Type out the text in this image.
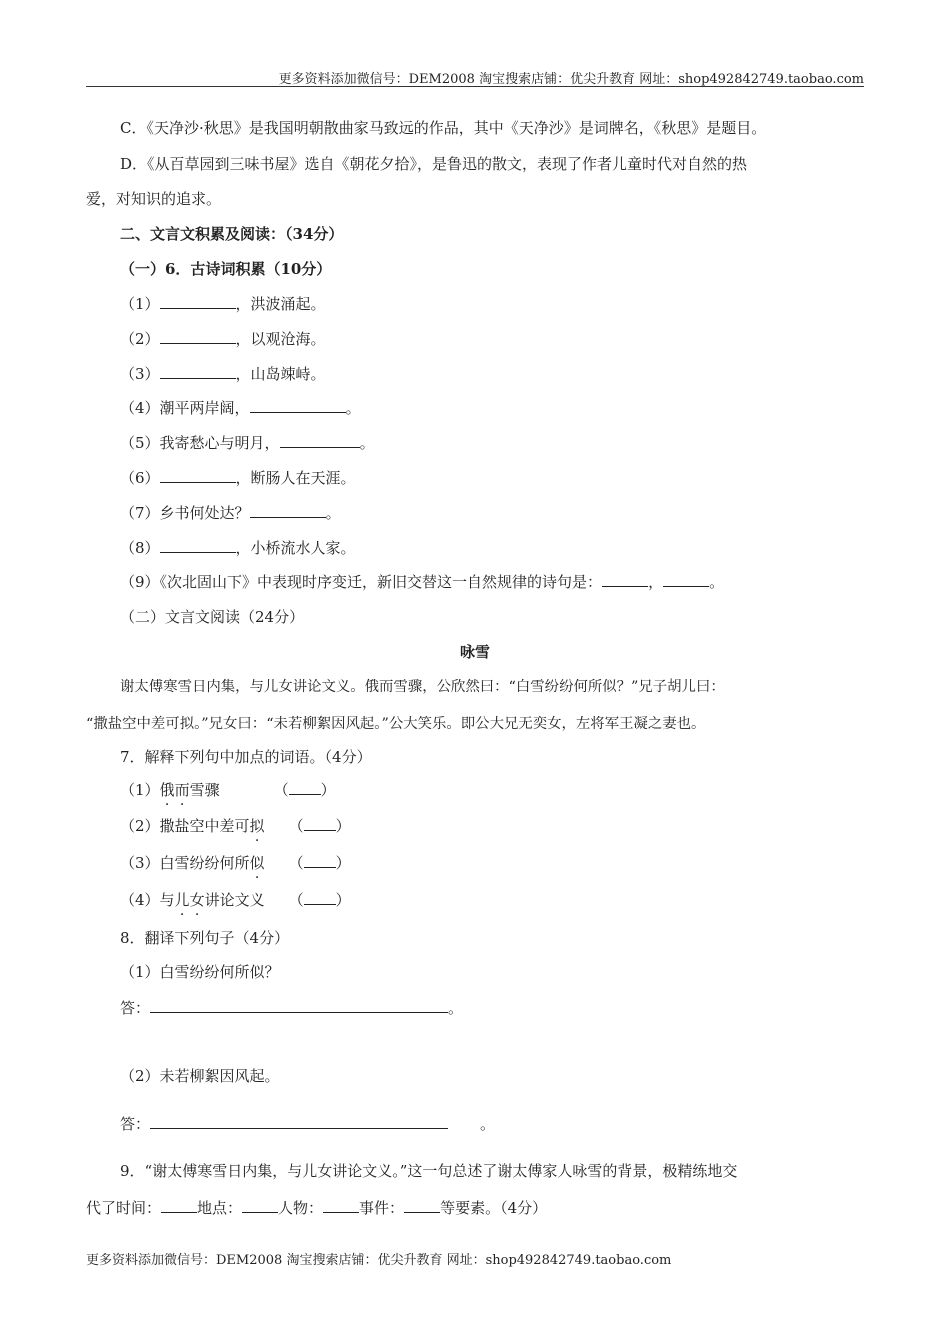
更多资料添加微信号：DEM2008 淘宝搜索店铺：优尖升教育 网址：shop492842749.taobao.com
C．《天净沙·秋思》是我国明朝散曲家马致远的作品，其中《天净沙》是词牌名，《秋思》是题目。
D．《从百草园到三味书屋》选自《朝花夕拾》，是鲁迅的散文，表现了作者儿童时代对自然的热
爱，对知识的追求。
二、文言文积累及阅读：（34分）
（一）6．古诗词积累（10分）
（1）	，洪波涌起。
（2）	，以观沧海。
（3）	，山岛竦峙。
（4）潮平两岸阔，	。
（5）我寄愁心与明月，	。
（6）	，断肠人在天涯。
（7）乡书何处达？	。
（8）	，小桥流水人家。
（9）《次北固山下》中表现时序变迁，新旧交替这一自然规律的诗句是：	，	。
（二）文言文阅读（24分）
咏雪
谢太傅寒雪日内集，与儿女讲论文义。俄而雪骤，公欣然曰：“白雪纷纷何所似？”兄子胡儿曰：
“撒盐空中差可拟。”兄女曰：“未若柳絮因风起。”公大笑乐。即公大兄无奕女，左将军王凝之妻也。
7．解释下列句中加点的词语。（4分）
（1）俄而雪骤	（ ）
（2）撒盐空中差可拟 （ ）
（3）白雪纷纷何所似 （ ）
（4）与儿女讲论文义 （ ）
8．翻译下列句子（4分）
（1）白雪纷纷何所似？
答：	。
（2）未若柳絮因风起。
答：	。
9．“谢太傅寒雪日内集，与儿女讲论文义。”这一句总述了谢太傅家人咏雪的背景，极精练地交
代了时间： 地点： 人物： 事件： 等要素。（4分）
更多资料添加微信号：DEM2008 淘宝搜索店铺：优尖升教育 网址：shop492842749.taobao.com
